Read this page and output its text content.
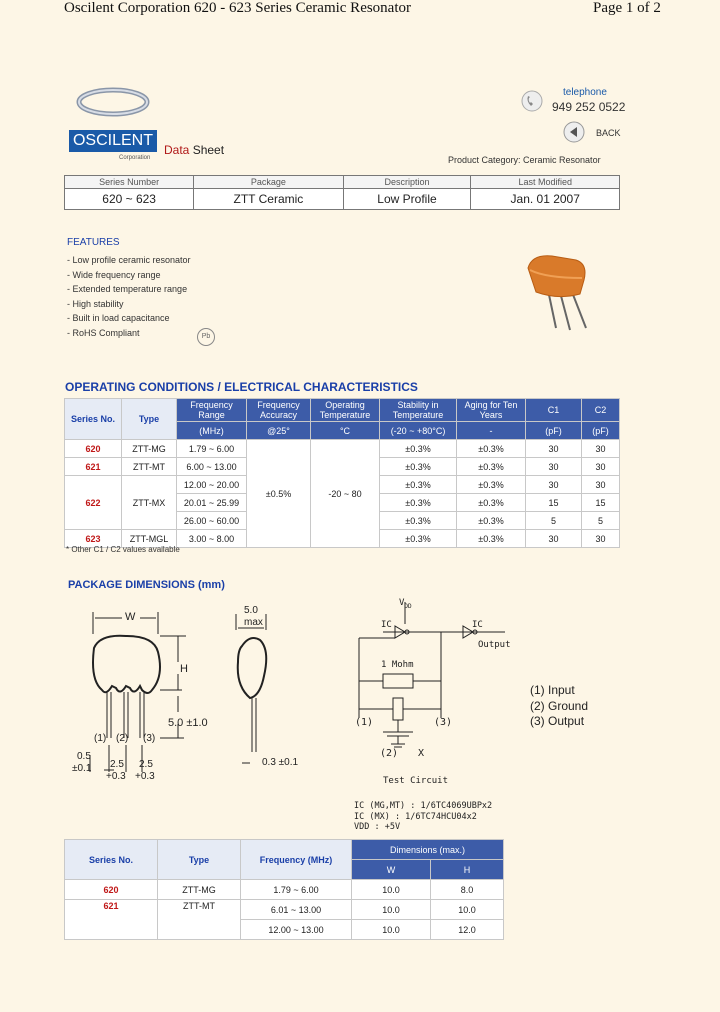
Oscilent Corporation 620 - 623 Series Ceramic Resonator	Page 1 of 2
OSCILENT
Corporation
Data Sheet
telephone
949 252 0522
BACK
Product Category: Ceramic Resonator
Series Number	Package	Description	Last Modified
620 ~ 623	ZTT Ceramic	Low Profile	Jan. 01 2007
FEATURES
- Low profile ceramic resonator
- Wide frequency range
- Extended temperature range
- High stability
- Built in load capacitance
- RoHS Compliant	Pb
OPERATING CONDITIONS / ELECTRICAL CHARACTERISTICS
Series No.	Type	Frequency Range	Frequency Accuracy	Operating Temperature	Stability in Temperature	Aging for Ten Years	C1	C2
		(MHz)	@25°	°C	(-20 ~ +80°C)	-	(pF)	(pF)
620	ZTT-MG	1.79 ~ 6.00	±0.5%	-20 ~ 80	±0.3%	±0.3%	30	30
621	ZTT-MT	6.00 ~ 13.00			±0.3%	±0.3%	30	30
622	ZTT-MX	12.00 ~ 20.00			±0.3%	±0.3%	30	30
		20.01 ~ 25.99			±0.3%	±0.3%	15	15
		26.00 ~ 60.00			±0.3%	±0.3%	5	5
623	ZTT-MGL	3.00 ~ 8.00			±0.3%	±0.3%	30	30
* Other C1 / C2 values available
PACKAGE DIMENSIONS (mm)
W
H
5.0
max
5.0 ±1.0
0.5
±0.1
(1) (2) (3)
2.5 2.5
+0.3 +0.3
0.3 ±0.1
$V_{DD}$
IC	IC
Output
1 Mohm
(1)
(2)
(3)
X
Test Circuit
(1) Input
(2) Ground
(3) Output
IC (MG,MT) : 1/6TC4069UBPx2
IC (MX) : 1/6TC74HCU04x2
VDD : +5V
Series No.	Type	Frequency (MHz)	Dimensions (max.)	
			W	H
620	ZTT-MG	1.79 ~ 6.00	10.0	8.0
621	ZTT-MT	6.01 ~ 13.00	10.0	10.0
		12.00 ~ 13.00	10.0	12.0
